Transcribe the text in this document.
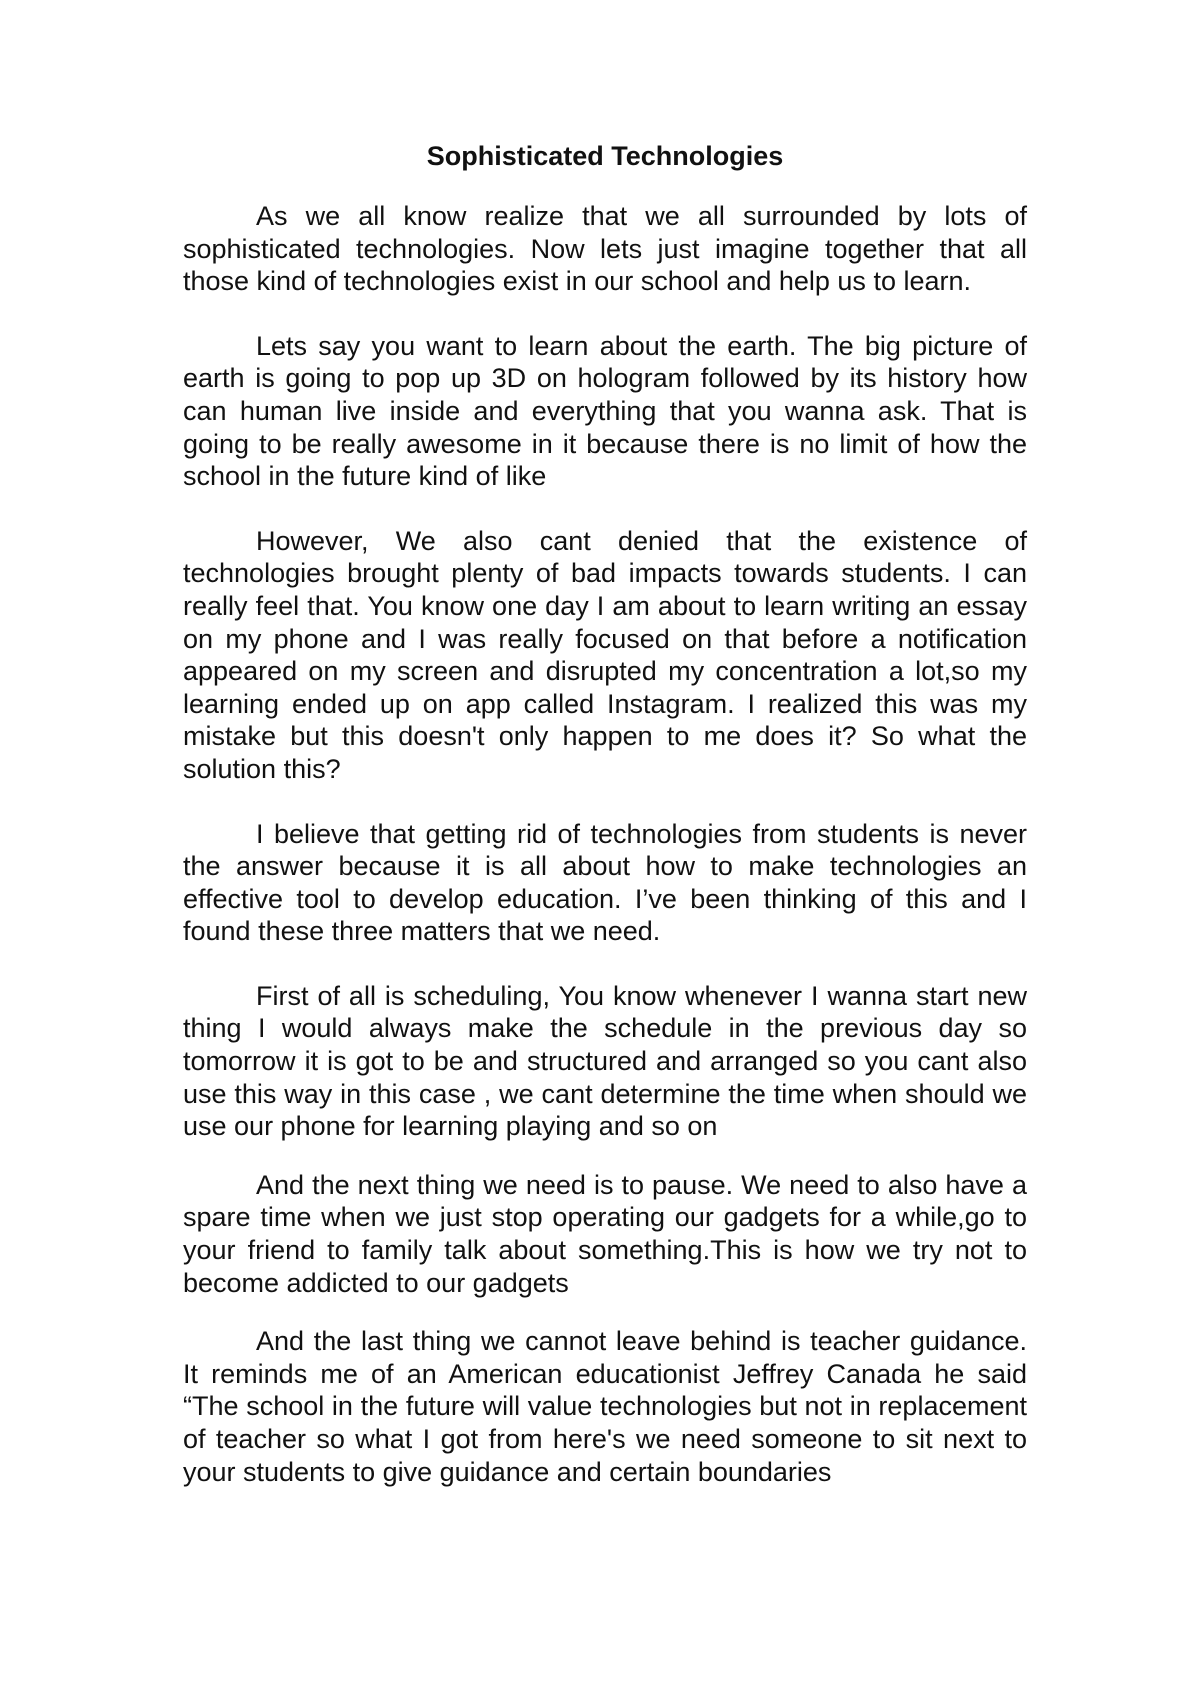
Sophisticated Technologies

As we all know realize that we all surrounded by lots of sophisticated technologies. Now lets just imagine together that all those kind of technologies exist in our school and help us to learn.

Lets say you want to learn about the earth. The big picture of earth is going to pop up 3D on hologram followed by its history how can human live inside and everything that you wanna ask. That is going to be really awesome in it because there is no limit of how the school in the future kind of like

However, We also cant denied that the existence of technologies brought plenty of bad impacts towards students. I can really feel that. You know one day I am about to learn writing an essay on my phone and I was really focused on that before a notification appeared on my screen and disrupted my concentration a lot,so my learning ended up on app called Instagram. I realized this was my mistake but this doesn't only happen to me does it? So what the solution this?

I believe that getting rid of technologies from students is never the answer because it is all about how to make technologies an effective tool to develop education. I’ve been thinking of this and I found these three matters that we need.

First of all is scheduling, You know whenever I wanna start new thing I would always make the schedule in the previous day so tomorrow it is got to be and structured and arranged so you cant also use this way in this case , we cant determine the time when should we use our phone for learning playing and so on

And the next thing we need is to pause. We need to also have a spare time when we just stop operating our gadgets for a while,go to your friend to family talk about something.This is how we try not to become addicted to our gadgets

And the last thing we cannot leave behind is teacher guidance. It reminds me of an American educationist Jeffrey Canada he said “The school in the future will value technologies but not in replacement of teacher so what I got from here's we need someone to sit next to your students to give guidance and certain boundaries
